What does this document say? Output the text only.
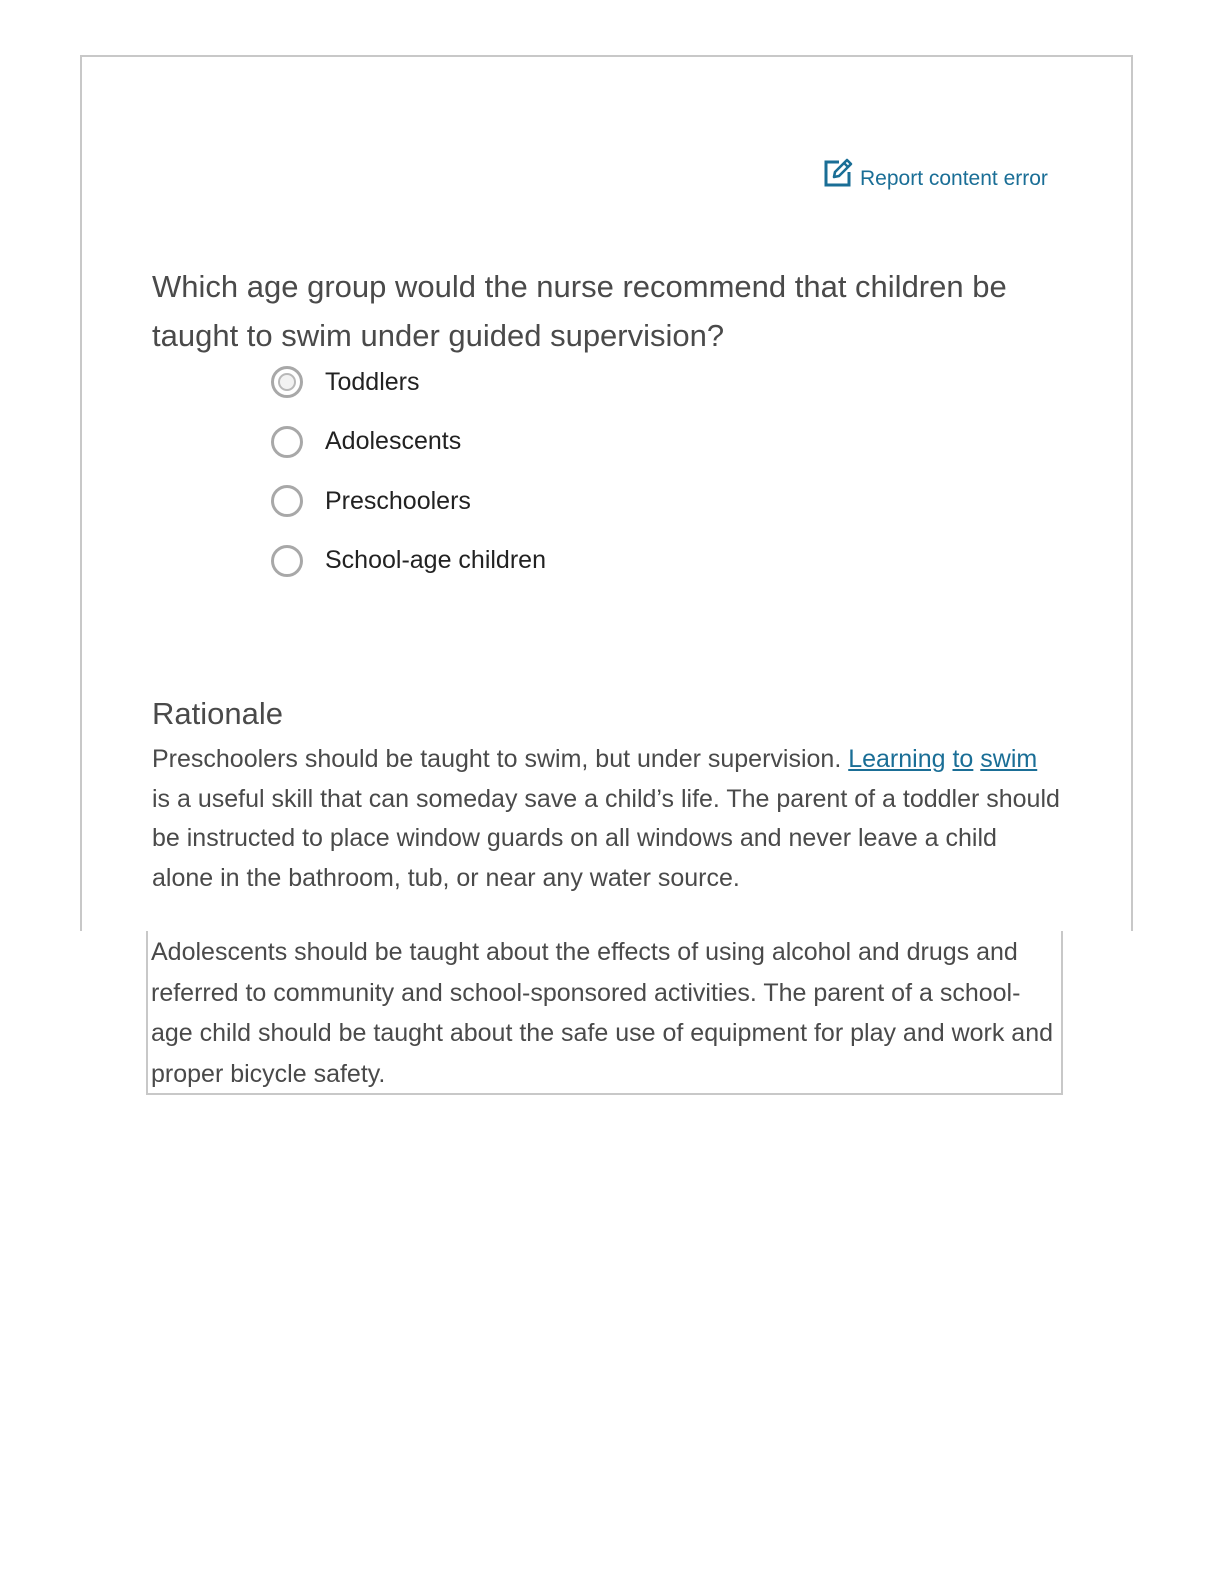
Report content error
Which age group would the nurse recommend that children be taught to swim under guided supervision?
Toddlers
Adolescents
Preschoolers
School-age children
Rationale

Preschoolers should be taught to swim, but under supervision. Learning to swim is a useful skill that can someday save a child’s life. The parent of a toddler should be instructed to place window guards on all windows and never leave a child alone in the bathroom, tub, or near any water source.

Adolescents should be taught about the effects of using alcohol and drugs and referred to community and school-sponsored activities. The parent of a school-age child should be taught about the safe use of equipment for play and work and proper bicycle safety.
